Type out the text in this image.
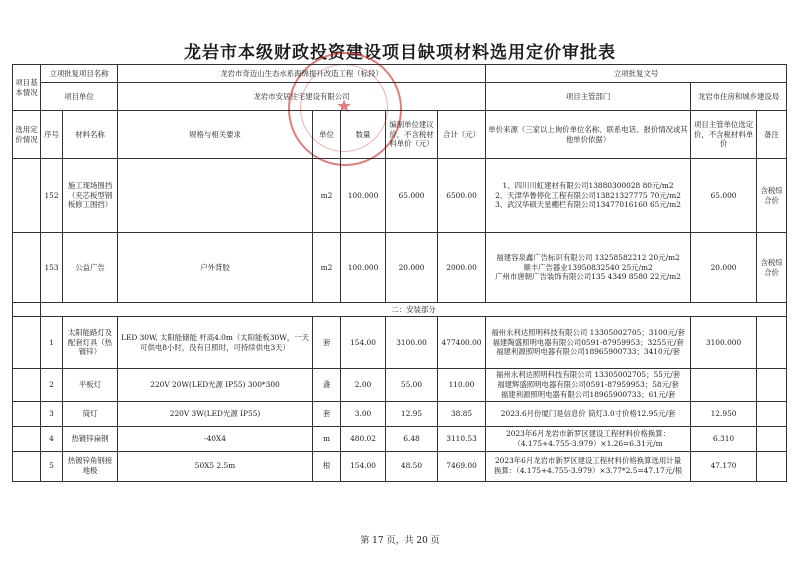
龙岩市本级财政投资建设项目缺项材料选用定价审批表
★
项目基本情况	立项批复项目名称		龙岩市奇迈山生态水系海绵提升改造工程（标段）					立项批复文号		
	项目单位		龙岩市安居住宅建设有限公司					项目主管部门	龙岩市住房和城乡建设局	
选用定价情况	序号	材料名称	规格与相关要求	单位	数量	编制单位建议价，不含税材料单价（元）	合计（元）	单价来源（三家以上询价单位名称、联系电话、报价情况或其他单价依据）	项目主管单位选定价，不含税材料单价	备注
	152	施工现场围挡（夹芯板型钢板修工围挡）		m2	100.000	65.000	6500.00	1、四川川虹建材有限公司13880300028 80元/m2
2、天津华鲁停化工程有限公司13821327775 70元/m2
3、武汉华硕天星棚栏有限公司13477016160 65元/m2	65.000	含税综合价
	153	公益广告	户外背胶	m2	100.000	20.000	2000.00	福建容泉鑫广告标识有限公司 13258582212 20元/m2
顺丰广告器业13950832540 25元/m2
广州市唐朝广告装饰有限公司135 4349 8580 22元/m2	20.000	含税综合价
	二：安装部分									
	1	太阳能路灯及配套灯具（热镀锌）	LED 30W, 太阳能储能 杆高4.0m（太阳能板30W，一天可供电8小时，没有日照时，可持续供电3天）	套	154.00	3100.00	477400.00	福州永利达照明科技有限公司 13305002705；3100元/套
福建陶盛照明电器有限公司0591-87959953；3255元/套
福建利源照明电器有限公司18965900733；3410元/套	3100.000	
	2	平板灯	220V 20W(LED光源 IP55) 300*300	盏	2.00	55.00	110.00	福州永利达照明科技有限公司 13305002705；55元/套
福建辉盛照明电器有限公司0591-87959953；58元/套
福建利源照明电器有限公司18965900733；61元/套		

	3	筒灯	220V 3W(LED光源 IP55)	套	3.00	12.95	38.85	2023.6月份厦门是信息价 筒灯3.0寸价格12.95元/套	12.950	
	4	热镀锌扁钢	-40X4	m	480.02	6.48	3110.53	2023年6月龙岩市新罗区建设工程材料价格换算：
（4.175+4.755-3.979）×1.26=6.31元/m	6.310	
	5	热镀锌角钢接地极	50X5 2.5m	根	154.00	48.50	7469.00	2023年6月龙岩市新罗区建设工程材料价格换算选用计量
换算：（4.175+4.755-3.979）×3.77*2.5=47.17元/根	47.170	
第 17 页，共 20 页
